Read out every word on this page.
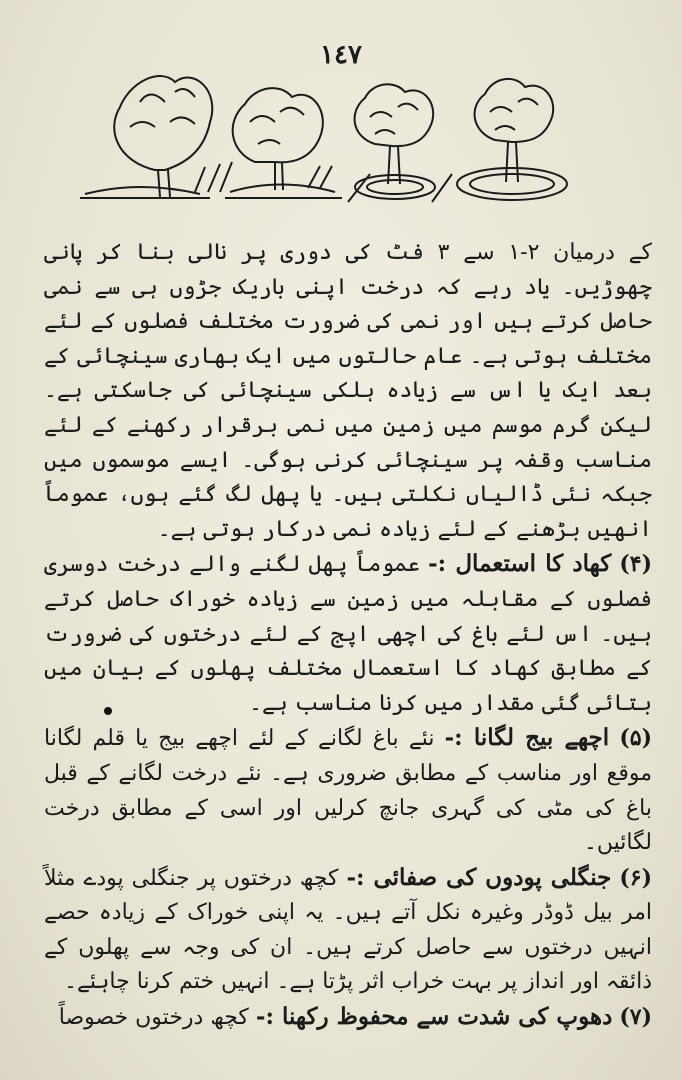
١٤٧

کے درمیان ۲-۱ سے ۳ فٹ کی دوری پر نالی بنا کر پانی چھوڑیں۔ یاد رہے کہ درخت اپنی باریک جڑوں ہی سے نمی حاصل کرتے ہیں اور نمی کی ضرورت مختلف فصلوں کے لئے مختلف ہوتی ہے۔ عام حالتوں میں ایک بھاری سینچائی کے بعد ایک یا اس سے زیادہ ہلکی سینچائی کی جاسکتی ہے۔ لیکن گرم موسم میں زمین میں نمی برقرار رکھنے کے لئے مناسب وقفہ پر سینچائی کرنی ہوگی۔ ایسے موسموں میں جبکہ نئی ڈالیاں نکلتی ہیں۔ یا پھل لگ گئے ہوں، عموماً انھیں بڑھنے کے لئے زیادہ نمی درکار ہوتی ہے۔

(۴) کھاد کا استعمال :- عموماً پھل لگنے والے درخت دوسری فصلوں کے مقابلہ میں زمین سے زیادہ خوراک حاصل کرتے ہیں۔ اس لئے باغ کی اچھی اپج کے لئے درختوں کی ضرورت کے مطابق کھاد کا استعمال مختلف پھلوں کے بیان میں بتائی گئی مقدار میں کرنا مناسب ہے۔

(۵) اچھے بیج لگانا :- نئے باغ لگانے کے لئے اچھے بیج یا قلم لگانا موقع اور مناسب کے مطابق ضروری ہے۔ نئے درخت لگانے کے قبل باغ کی مٹی کی گہری جانچ کرلیں اور اسی کے مطابق درخت لگائیں۔

(۶) جنگلی پودوں کی صفائی :- کچھ درختوں پر جنگلی پودے مثلاً امر بیل ڈوڈر وغیرہ نکل آتے ہیں۔ یہ اپنی خوراک کے زیادہ حصے انہیں درختوں سے حاصل کرتے ہیں۔ ان کی وجہ سے پھلوں کے ذائقہ اور انداز پر بہت خراب اثر پڑتا ہے۔ انہیں ختم کرنا چاہئے۔

(۷) دھوپ کی شدت سے محفوظ رکھنا :- کچھ درختوں خصوصاً
